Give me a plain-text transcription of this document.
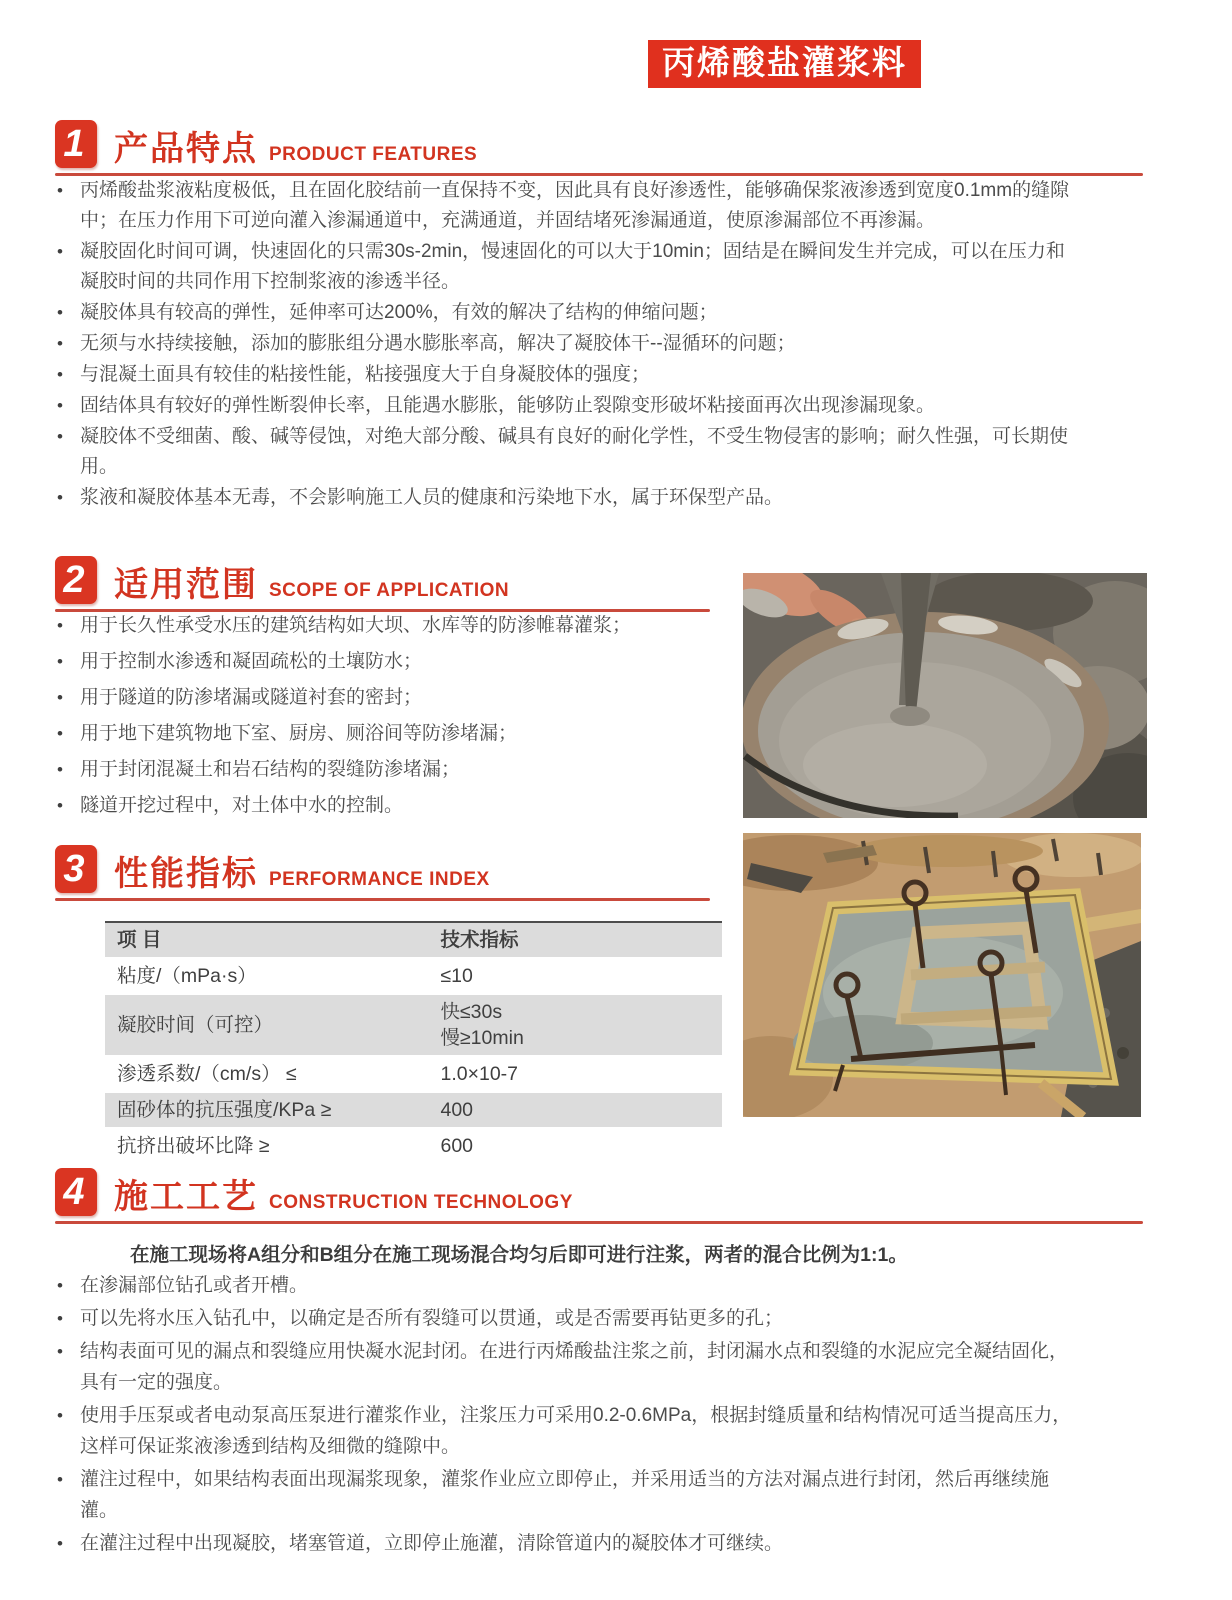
丙烯酸盐灌浆料
1 产品特点 PRODUCT FEATURES
• 丙烯酸盐浆液粘度极低，且在固化胶结前一直保持不变，因此具有良好渗透性，能够确保浆液渗透到宽度0.1mm的缝隙中；在压力作用下可逆向灌入渗漏通道中，充满通道，并固结堵死渗漏通道，使原渗漏部位不再渗漏。
• 凝胶固化时间可调，快速固化的只需30s-2min，慢速固化的可以大于10min；固结是在瞬间发生并完成，可以在压力和凝胶时间的共同作用下控制浆液的渗透半径。
• 凝胶体具有较高的弹性，延伸率可达200%，有效的解决了结构的伸缩问题；
• 无须与水持续接触，添加的膨胀组分遇水膨胀率高，解决了凝胶体干--湿循环的问题；
• 与混凝土面具有较佳的粘接性能，粘接强度大于自身凝胶体的强度；
• 固结体具有较好的弹性断裂伸长率，且能遇水膨胀，能够防止裂隙变形破坏粘接面再次出现渗漏现象。
• 凝胶体不受细菌、酸、碱等侵蚀，对绝大部分酸、碱具有良好的耐化学性，不受生物侵害的影响；耐久性强，可长期使用。
• 浆液和凝胶体基本无毒，不会影响施工人员的健康和污染地下水，属于环保型产品。
2 适用范围 SCOPE OF APPLICATION
• 用于长久性承受水压的建筑结构如大坝、水库等的防渗帷幕灌浆；
• 用于控制水渗透和凝固疏松的土壤防水；
• 用于隧道的防渗堵漏或隧道衬套的密封；
• 用于地下建筑物地下室、厨房、厕浴间等防渗堵漏；
• 用于封闭混凝土和岩石结构的裂缝防渗堵漏；
• 隧道开挖过程中，对土体中水的控制。
3 性能指标 PERFORMANCE INDEX
项 目	技术指标
粘度/（mPa·s）	≤10
凝胶时间（可控）	快≤30s
慢≥10min

渗透系数/（cm/s） ≤	1.0×10-7
固砂体的抗压强度/KPa ≥	400
抗挤出破坏比降 ≥	600
4 施工工艺 CONSTRUCTION TECHNOLOGY
在施工现场将A组分和B组分在施工现场混合均匀后即可进行注浆，两者的混合比例为1:1。
• 在渗漏部位钻孔或者开槽。
• 可以先将水压入钻孔中，以确定是否所有裂缝可以贯通，或是否需要再钻更多的孔；
• 结构表面可见的漏点和裂缝应用快凝水泥封闭。在进行丙烯酸盐注浆之前，封闭漏水点和裂缝的水泥应完全凝结固化，具有一定的强度。
• 使用手压泵或者电动泵高压泵进行灌浆作业，注浆压力可采用0.2-0.6MPa，根据封缝质量和结构情况可适当提高压力，这样可保证浆液渗透到结构及细微的缝隙中。
• 灌注过程中，如果结构表面出现漏浆现象，灌浆作业应立即停止，并采用适当的方法对漏点进行封闭，然后再继续施灌。
• 在灌注过程中出现凝胶，堵塞管道，立即停止施灌，清除管道内的凝胶体才可继续。
